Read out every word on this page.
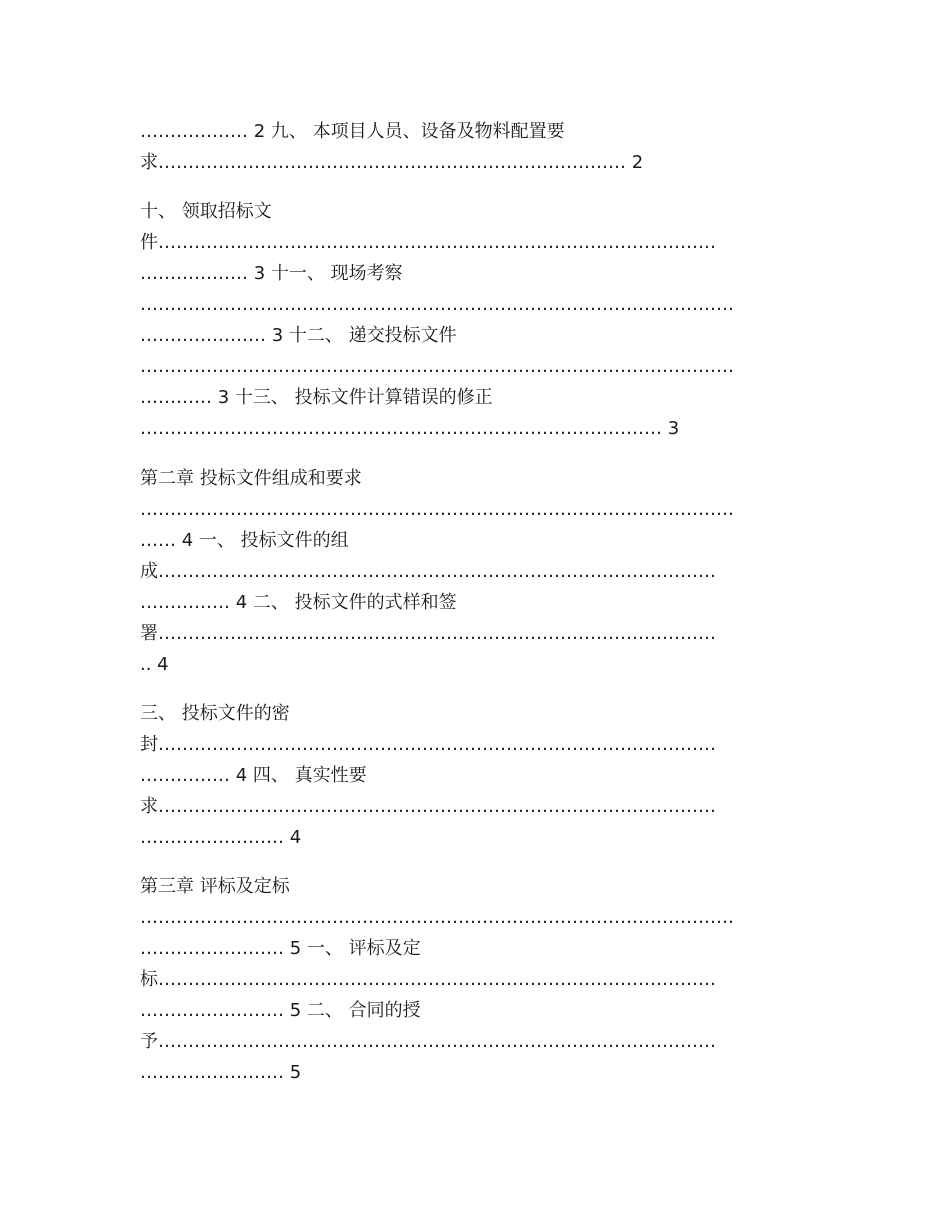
……………… 2 九、 本项目人员、设备及物料配置要
求…………………………………………………………………… 2
十、 领取招标文
件…………………………………………………………………………………
……………… 3 十一、 现场考察
………………………………………………………………………………………
………………… 3 十二、 递交投标文件
………………………………………………………………………………………
………… 3 十三、 投标文件计算错误的修正
…………………………………………………………………………… 3
第二章 投标文件组成和要求
………………………………………………………………………………………
…… 4 一、 投标文件的组
成…………………………………………………………………………………
…………… 4 二、 投标文件的式样和签
署…………………………………………………………………………………
.. 4
三、 投标文件的密
封…………………………………………………………………………………
…………… 4 四、 真实性要
求…………………………………………………………………………………
…………………… 4
第三章 评标及定标
………………………………………………………………………………………
…………………… 5 一、 评标及定
标…………………………………………………………………………………
…………………… 5 二、 合同的授
予…………………………………………………………………………………
…………………… 5
